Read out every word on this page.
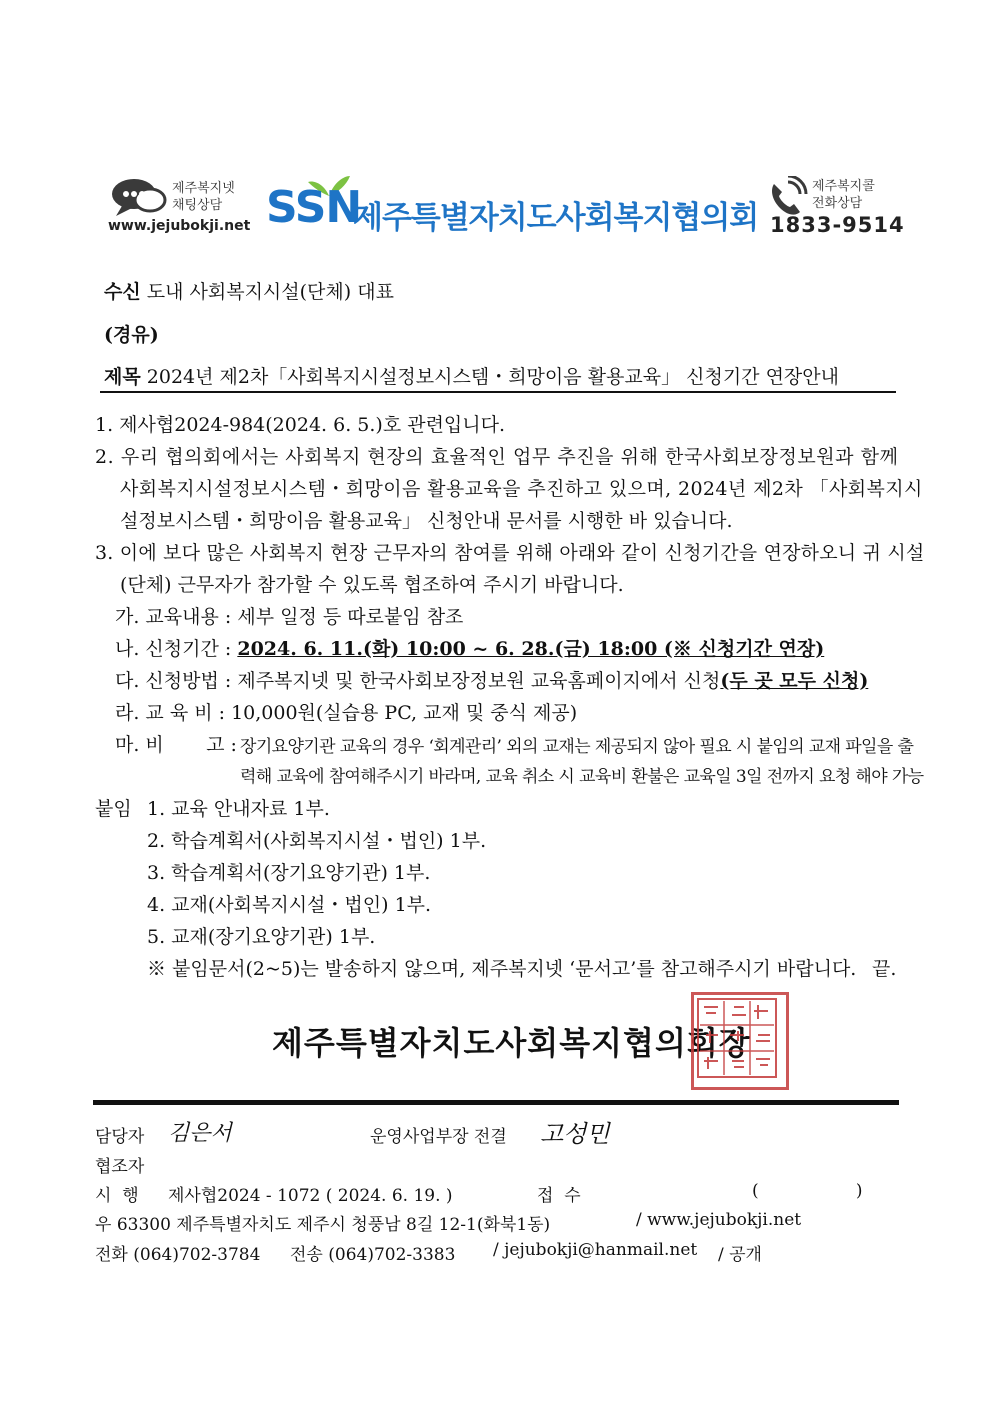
제주복지넷
채팅상담
www.jejubokji.net SSN
제주특별자치도사회복지협의회
제주복지콜
전화상담
1833-9514
수신 도내 사회복지시설(단체) 대표
(경유)
제목 2024년 제2차「사회복지시설정보시스템・희망이음 활용교육」 신청기간 연장안내
1. 제사협2024-984(2024. 6. 5.)호 관련입니다.
2. 우리 협의회에서는 사회복지 현장의 효율적인 업무 추진을 위해 한국사회보장정보원과 함께
사회복지시설정보시스템・희망이음 활용교육을 추진하고 있으며, 2024년 제2차 「사회복지시
설정보시스템・희망이음 활용교육」 신청안내 문서를 시행한 바 있습니다.
3. 이에 보다 많은 사회복지 현장 근무자의 참여를 위해 아래와 같이 신청기간을 연장하오니 귀 시설
(단체) 근무자가 참가할 수 있도록 협조하여 주시기 바랍니다.
가. 교육내용 : 세부 일정 등 따로붙임 참조
나. 신청기간 : 2024. 6. 11.(화) 10:00 ~ 6. 28.(금) 18:00 (※ 신청기간 연장)
다. 신청방법 : 제주복지넷 및 한국사회보장정보원 교육홈페이지에서 신청(두 곳 모두 신청)
라. 교 육 비 : 10,000원(실습용 PC, 교재 및 중식 제공)
마. 비       고 : 장기요양기관 교육의 경우 ‘회계관리’ 외의 교재는 제공되지 않아 필요 시 붙임의 교재 파일을 출
력해 교육에 참여해주시기 바라며, 교육 취소 시 교육비 환불은 교육일 3일 전까지 요청 해야 가능
붙임 1. 교육 안내자료 1부.
2. 학습계획서(사회복지시설・법인) 1부.
3. 학습계획서(장기요양기관) 1부.
4. 교재(사회복지시설・법인) 1부.
5. 교재(장기요양기관) 1부.
※ 붙임문서(2~5)는 발송하지 않으며, 제주복지넷 ‘문서고’를 참고해주시기 바랍니다. 끝.
제주특별자치도사회복지협의회장
담당자 김은서	운영사업부장 전결 고성민
협조자
시  행 제사협2024 - 1072 ( 2024. 6. 19. )	접  수	(                  )
우 63300 제주특별자치도 제주시 청풍남 8길 12-1(화북1동)	/ www.jejubokji.net
전화 (064)702-3784 전송 (064)702-3383 / jejubokji@hanmail.net / 공개
